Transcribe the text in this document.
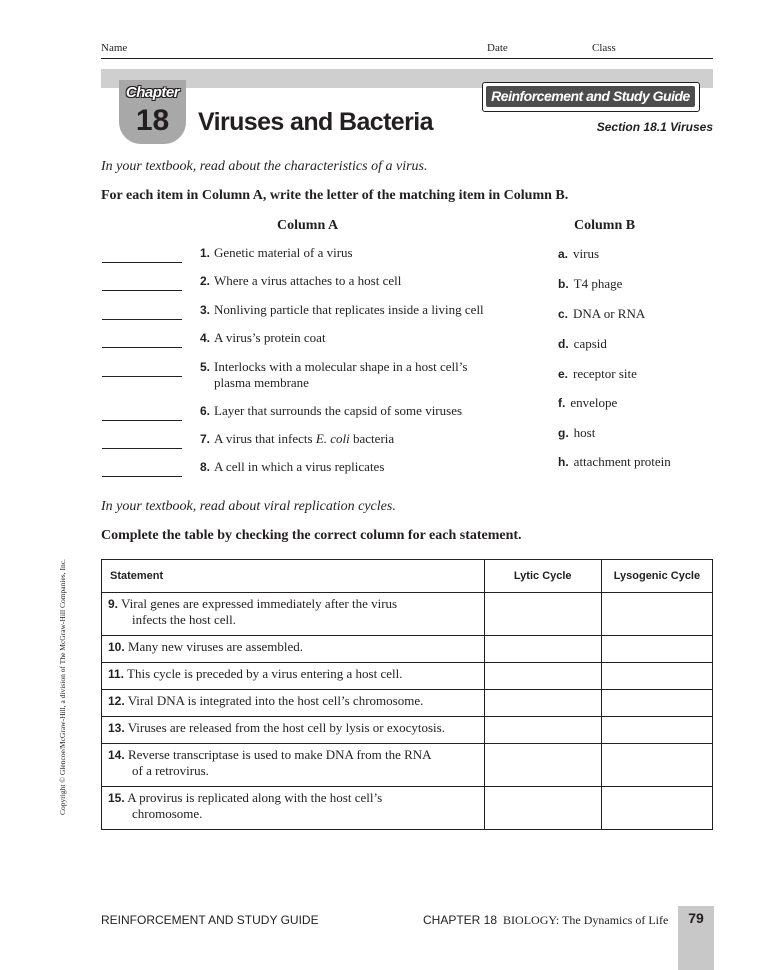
Name	Date	Class
Chapter
18	Viruses and Bacteria
Reinforcement and Study Guide
Section 18.1 Viruses
In your textbook, read about the characteristics of a virus.
For each item in Column A, write the letter of the matching item in Column B.
Column A	Column B
1. Genetic material of a virus
2. Where a virus attaches to a host cell
3. Nonliving particle that replicates inside a living cell
4. A virus’s protein coat
5. Interlocks with a molecular shape in a host cell’s
plasma membrane
6. Layer that surrounds the capsid of some viruses
7. A virus that infects E. coli bacteria
8. A cell in which a virus replicates
a. virus
b. T4 phage
c. DNA or RNA
d. capsid
e. receptor site
f. envelope
g. host
h. attachment protein
In your textbook, read about viral replication cycles.
Complete the table by checking the correct column for each statement.
Statement	Lytic Cycle	Lysogenic Cycle
9. Viral genes are expressed immediately after the virus
infects the host cell.		

10. Many new viruses are assembled.		
11. This cycle is preceded by a virus entering a host cell.		
12. Viral DNA is integrated into the host cell’s chromosome.		
13. Viruses are released from the host cell by lysis or exocytosis.		
14. Reverse transcriptase is used to make DNA from the RNA
of a retrovirus.		

15. A provirus is replicated along with the host cell’s
chromosome.		

Copyright © Glencoe/McGraw-Hill, a division of The McGraw-Hill Companies, Inc.
REINFORCEMENT AND STUDY GUIDE	CHAPTER 18 BIOLOGY: The Dynamics of Life	79
